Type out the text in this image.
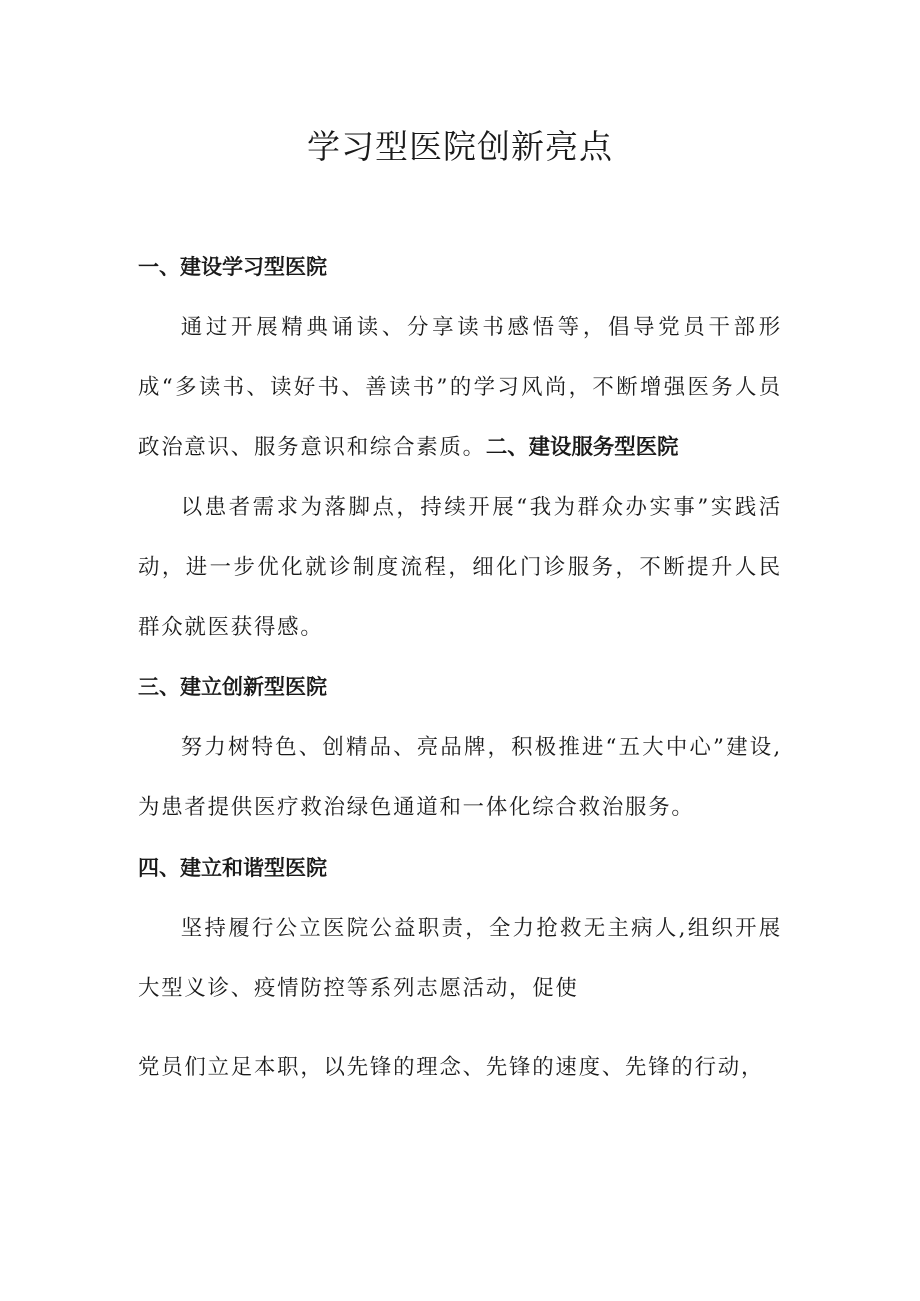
学习型医院创新亮点
一、建设学习型医院

通过开展精典诵读、分享读书感悟等，倡导党员干部形成“多读书、读好书、善读书”的学习风尚，不断增强医务人员政治意识、服务意识和综合素质。二、建设服务型医院

以患者需求为落脚点，持续开展“我为群众办实事”实践活动，进一步优化就诊制度流程，细化门诊服务，不断提升人民群众就医获得感。

三、建立创新型医院

努力树特色、创精品、亮品牌，积极推进“五大中心”建设,为患者提供医疗救治绿色通道和一体化综合救治服务。

四、建立和谐型医院

坚持履行公立医院公益职责，全力抢救无主病人,组织开展大型义诊、疫情防控等系列志愿活动，促使

党员们立足本职，以先锋的理念、先锋的速度、先锋的行动，
